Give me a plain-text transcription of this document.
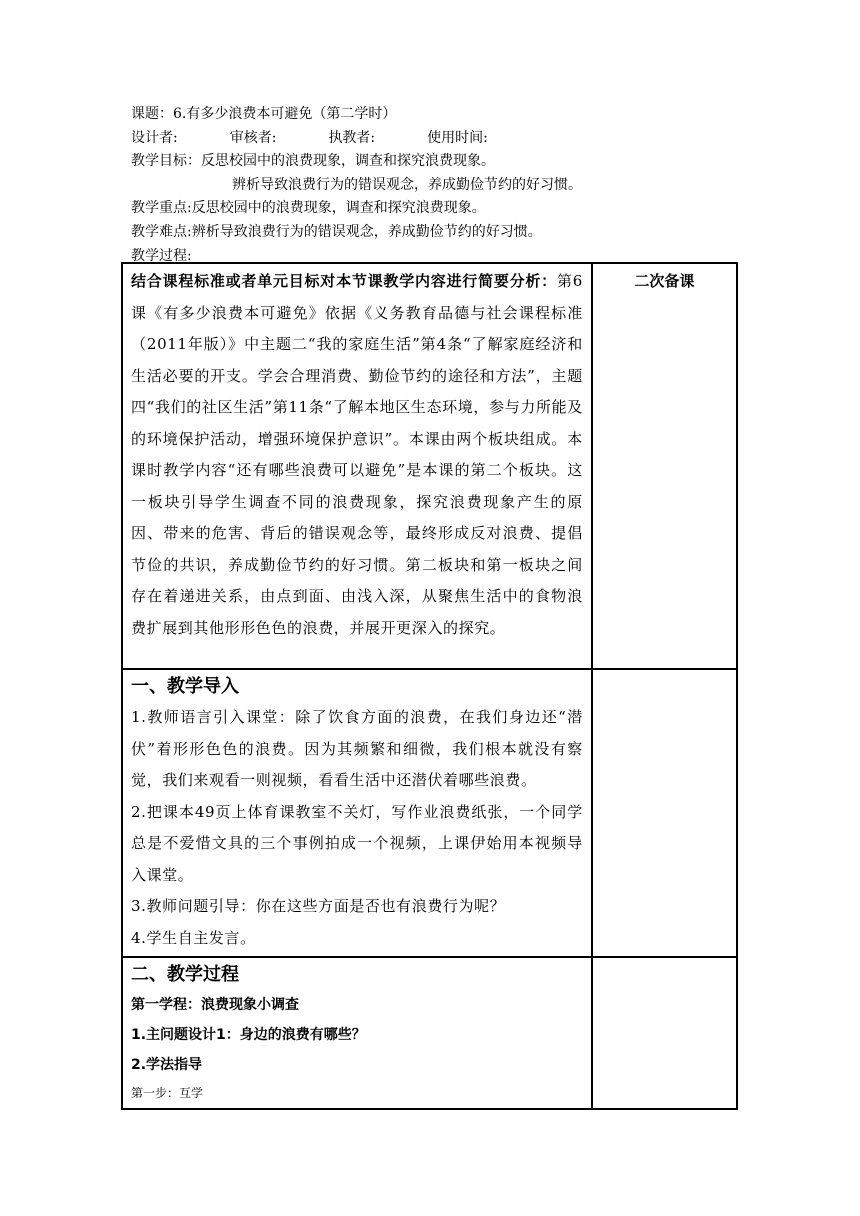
课题：6.有多少浪费本可避免（第二学时）
设计者:	审核者:	执教者:	使用时间:
教学目标：反思校园中的浪费现象，调查和探究浪费现象。
辨析导致浪费行为的错误观念，养成勤俭节约的好习惯。
教学重点:反思校园中的浪费现象，调查和探究浪费现象。
教学难点:辨析导致浪费行为的错误观念，养成勤俭节约的好习惯。
教学过程:
结合课程标准或者单元目标对本节课教学内容进行简要分析：第6课《有多少浪费本可避免》依据《义务教育品德与社会课程标准（2011年版）》中主题二“我的家庭生活”第4条“了解家庭经济和生活必要的开支。学会合理消费、勤俭节约的途径和方法”，主题四“我们的社区生活”第11条“了解本地区生态环境，参与力所能及的环境保护活动，增强环境保护意识”。本课由两个板块组成。本课时教学内容“还有哪些浪费可以避免”是本课的第二个板块。这一板块引导学生调查不同的浪费现象，探究浪费现象产生的原因、带来的危害、背后的错误观念等，最终形成反对浪费、提倡节俭的共识，养成勤俭节约的好习惯。第二板块和第一板块之间存在着递进关系，由点到面、由浅入深，从聚焦生活中的食物浪费扩展到其他形形色色的浪费，并展开更深入的探究。	二次备课

一、教学导入
1.教师语言引入课堂：除了饮食方面的浪费，在我们身边还“潜伏”着形形色色的浪费。因为其频繁和细微，我们根本就没有察觉，我们来观看一则视频，看看生活中还潜伏着哪些浪费。
2.把课本49页上体育课教室不关灯，写作业浪费纸张，一个同学总是不爱惜文具的三个事例拍成一个视频，上课伊始用本视频导入课堂。
3.教师问题引导：你在这些方面是否也有浪费行为呢？
4.学生自主发言。	

二、教学过程
第一学程：浪费现象小调查
1.主问题设计1：身边的浪费有哪些？
2.学法指导
第一步：互学	
